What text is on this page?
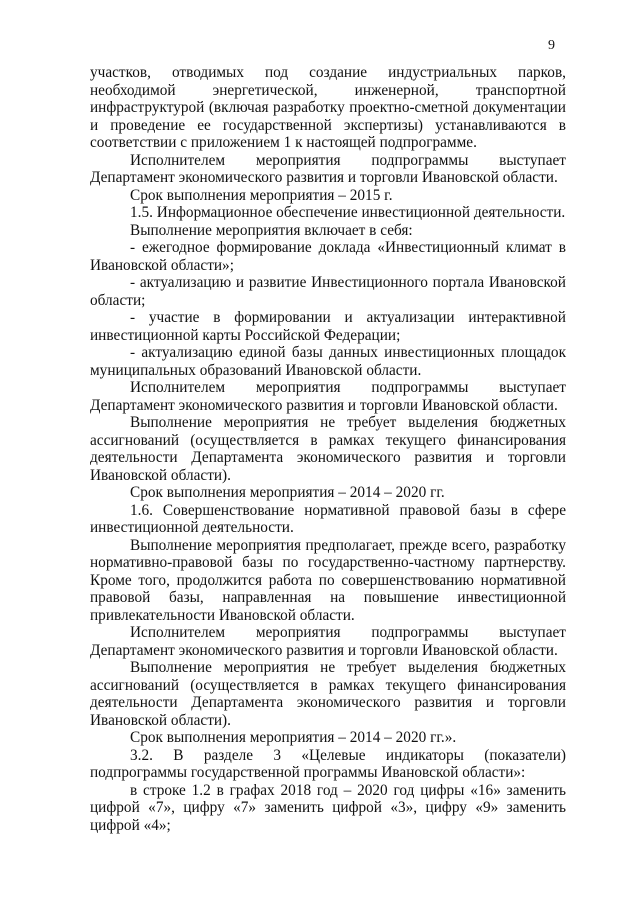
9

участков, отводимых под создание индустриальных парков, необходимой энергетической, инженерной, транспортной инфраструктурой (включая разработку проектно-сметной документации и проведение ее государственной экспертизы) устанавливаются в соответствии с приложением 1 к настоящей подпрограмме.

Исполнителем мероприятия подпрограммы выступает Департамент экономического развития и торговли Ивановской области.

Срок выполнения мероприятия – 2015 г.

1.5. Информационное обеспечение инвестиционной деятельности.

Выполнение мероприятия включает в себя:

- ежегодное формирование доклада «Инвестиционный климат в Ивановской области»;

- актуализацию и развитие Инвестиционного портала Ивановской области;

- участие в формировании и актуализации интерактивной инвестиционной карты Российской Федерации;

- актуализацию единой базы данных инвестиционных площадок муниципальных образований Ивановской области.

Исполнителем мероприятия подпрограммы выступает Департамент экономического развития и торговли Ивановской области.

Выполнение мероприятия не требует выделения бюджетных ассигнований (осуществляется в рамках текущего финансирования деятельности Департамента экономического развития и торговли Ивановской области).

Срок выполнения мероприятия – 2014 – 2020 гг.

1.6. Совершенствование нормативной правовой базы в сфере инвестиционной деятельности.

Выполнение мероприятия предполагает, прежде всего, разработку нормативно-правовой базы по государственно-частному партнерству. Кроме того, продолжится работа по совершенствованию нормативной правовой базы, направленная на повышение инвестиционной привлекательности Ивановской области.

Исполнителем мероприятия подпрограммы выступает Департамент экономического развития и торговли Ивановской области.

Выполнение мероприятия не требует выделения бюджетных ассигнований (осуществляется в рамках текущего финансирования деятельности Департамента экономического развития и торговли Ивановской области).

Срок выполнения мероприятия – 2014 – 2020 гг.».

3.2. В разделе 3 «Целевые индикаторы (показатели) подпрограммы государственной программы Ивановской области»:

в строке 1.2 в графах 2018 год – 2020 год цифры «16» заменить цифрой «7», цифру «7» заменить цифрой «3», цифру «9» заменить цифрой «4»;
